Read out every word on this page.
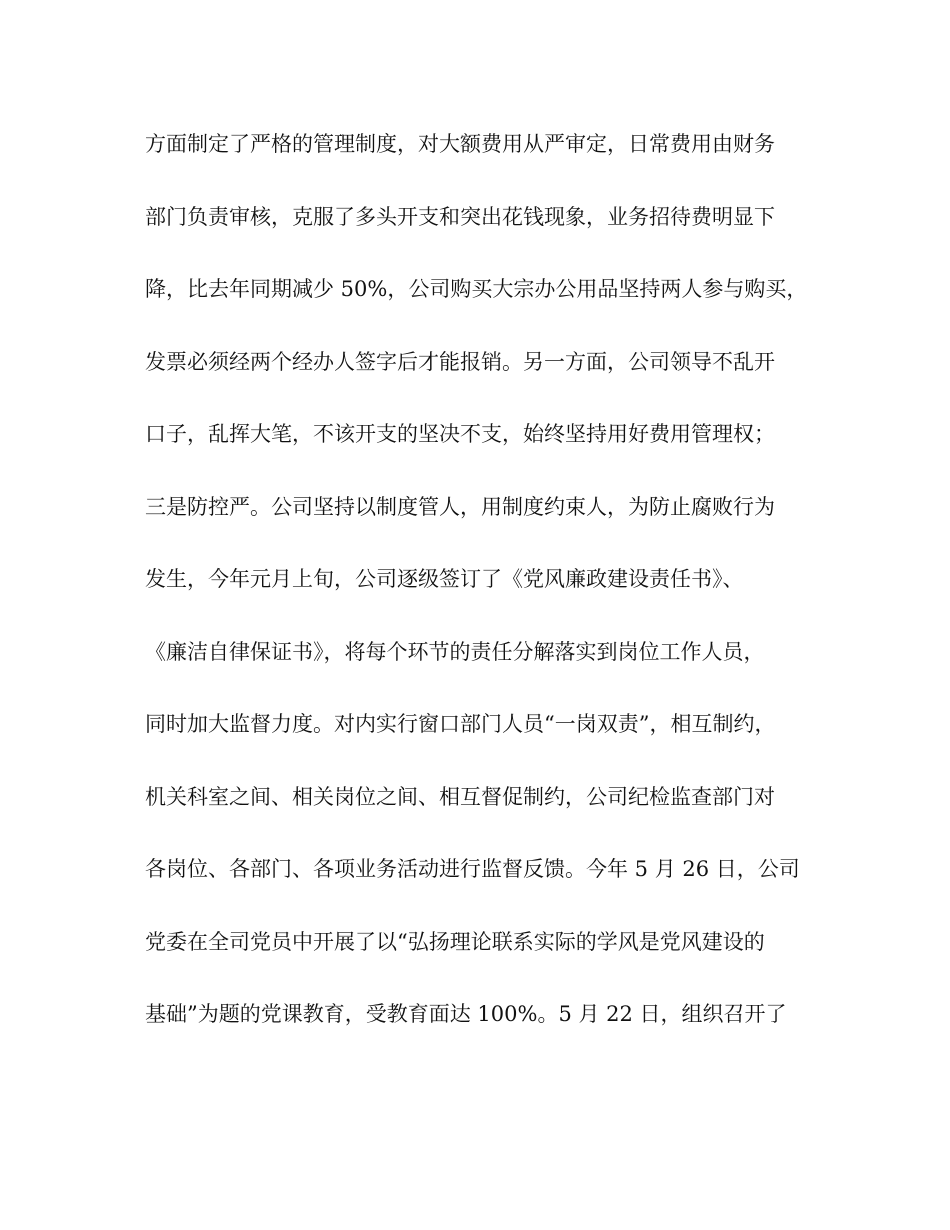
方面制定了严格的管理制度，对大额费用从严审定，日常费用由财务
部门负责审核，克服了多头开支和突出花钱现象，业务招待费明显下
降，比去年同期减少 50%，公司购买大宗办公用品坚持两人参与购买，
发票必须经两个经办人签字后才能报销。另一方面，公司领导不乱开
口子，乱挥大笔，不该开支的坚决不支，始终坚持用好费用管理权；
三是防控严。公司坚持以制度管人，用制度约束人，为防止腐败行为
发生，今年元月上旬，公司逐级签订了《党风廉政建设责任书》、
《廉洁自律保证书》，将每个环节的责任分解落实到岗位工作人员，
同时加大监督力度。对内实行窗口部门人员“一岗双责”，相互制约，
机关科室之间、相关岗位之间、相互督促制约，公司纪检监查部门对
各岗位、各部门、各项业务活动进行监督反馈。今年 5 月 26 日，公司
党委在全司党员中开展了以“弘扬理论联系实际的学风是党风建设的
基础”为题的党课教育，受教育面达 100%。5 月 22 日，组织召开了
